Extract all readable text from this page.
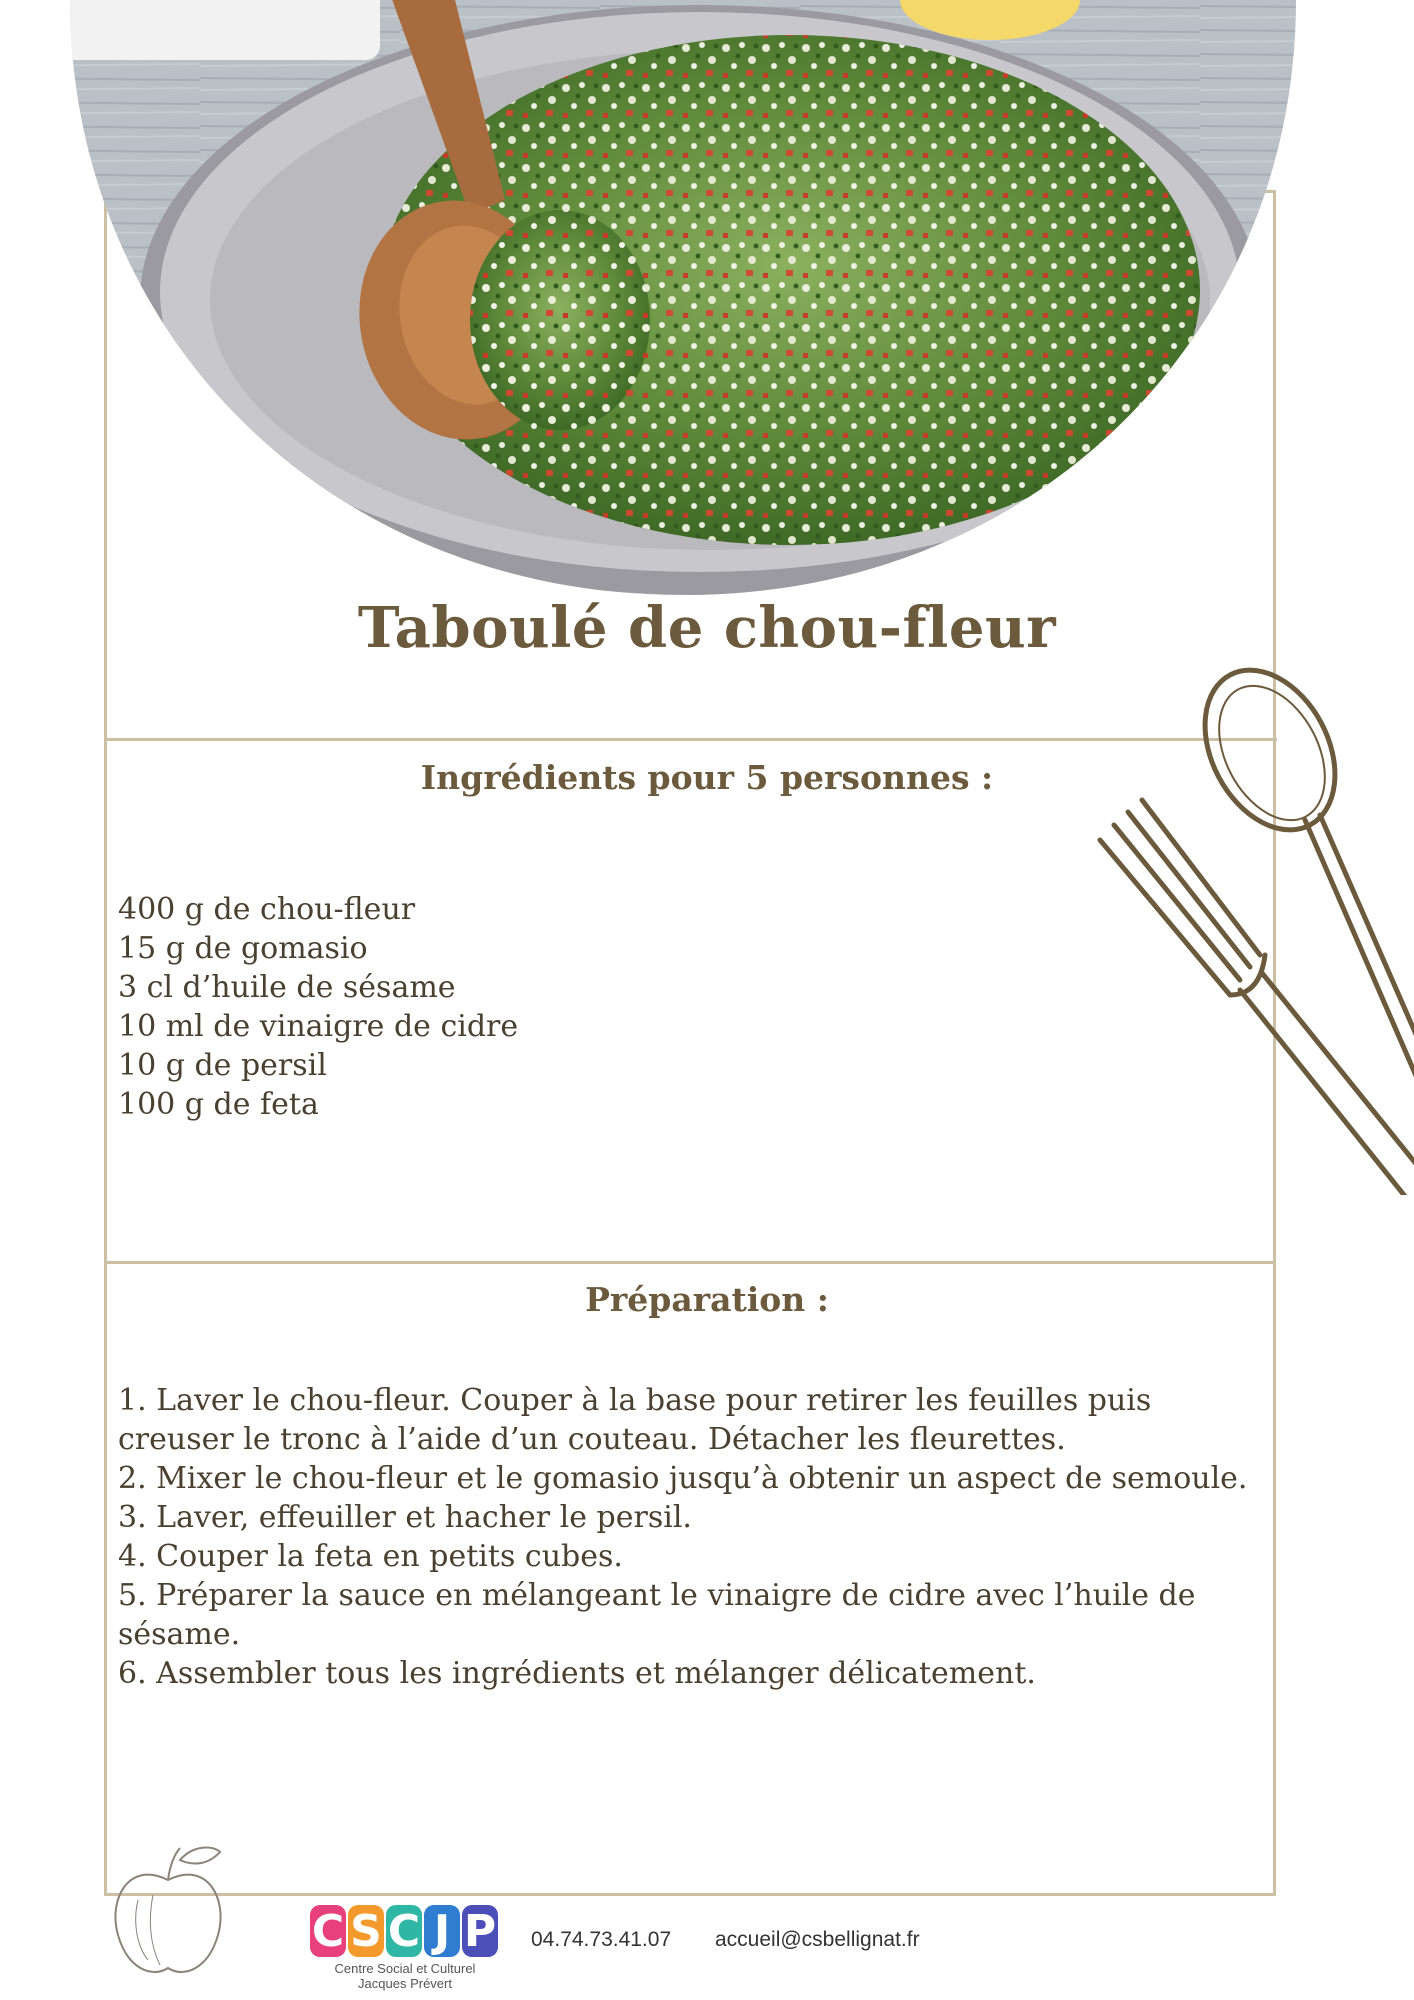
Taboulé de chou-fleur
Ingrédients pour 5 personnes :
400 g de chou-fleur
15 g de gomasio
3 cl d’huile de sésame
10 ml de vinaigre de cidre
10 g de persil
100 g de feta
Préparation :
1. Laver le chou-fleur. Couper à la base pour retirer les feuilles puis creuser le tronc à l’aide d’un couteau. Détacher les fleurettes.
2. Mixer le chou-fleur et le gomasio jusqu’à obtenir un aspect de semoule.
3. Laver, effeuiller et hacher le persil.
4. Couper la feta en petits cubes.
5. Préparer la sauce en mélangeant le vinaigre de cidre avec l’huile de sésame.
6. Assembler tous les ingrédients et mélanger délicatement.
C S C J P
Centre Social et Culturel
Jacques Prévert
04.74.73.41.07 accueil@csbellignat.fr
